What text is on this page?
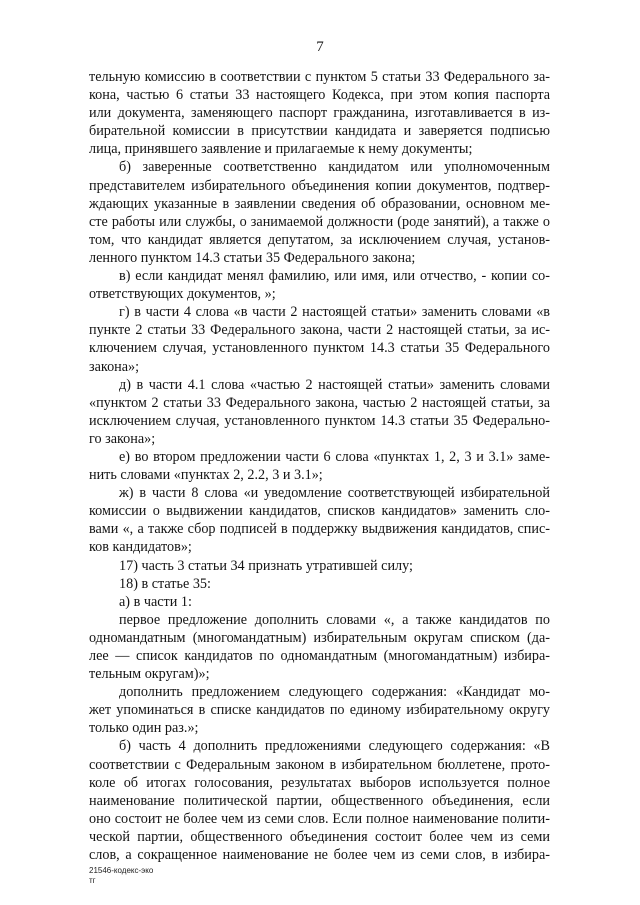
7
тельную комиссию в соответствии с пунктом 5 статьи 33 Федерального за-
кона, частью 6 статьи 33 настоящего Кодекса, при этом копия паспорта
или документа, заменяющего паспорт гражданина, изготавливается в из-
бирательной комиссии в присутствии кандидата и заверяется подписью
лица, принявшего заявление и прилагаемые к нему документы;
б) заверенные соответственно кандидатом или уполномоченным
представителем избирательного объединения копии документов, подтвер-
ждающих указанные в заявлении сведения об образовании, основном ме-
сте работы или службы, о занимаемой должности (роде занятий), а также о
том, что кандидат является депутатом, за исключением случая, установ-
ленного пунктом 14.3 статьи 35 Федерального закона;
в) если кандидат менял фамилию, или имя, или отчество, - копии со-
ответствующих документов, »;
г) в части 4 слова «в части 2 настоящей статьи» заменить словами «в
пункте 2 статьи 33 Федерального закона, части 2 настоящей статьи, за ис-
ключением случая, установленного пунктом 14.3 статьи 35 Федерального
закона»;
д) в части 4.1 слова «частью 2 настоящей статьи» заменить словами
«пунктом 2 статьи 33 Федерального закона, частью 2 настоящей статьи, за
исключением случая, установленного пунктом 14.3 статьи 35 Федерально-
го закона»;
е) во втором предложении части 6 слова «пунктах 1, 2, 3 и 3.1» заме-
нить словами «пунктах 2, 2.2, 3 и 3.1»;
ж) в части 8 слова «и уведомление соответствующей избирательной
комиссии о выдвижении кандидатов, списков кандидатов» заменить сло-
вами «, а также сбор подписей в поддержку выдвижения кандидатов, спис-
ков кандидатов»;
17) часть 3 статьи 34 признать утратившей силу;
18) в статье 35:
а) в части 1:
первое предложение дополнить словами «, а также кандидатов по
одномандатным (многомандатным) избирательным округам списком (да-
лее — список кандидатов по одномандатным (многомандатным) избира-
тельным округам)»;
дополнить предложением следующего содержания: «Кандидат мо-
жет упоминаться в списке кандидатов по единому избирательному округу
только один раз.»;
б) часть 4 дополнить предложениями следующего содержания: «В
соответствии с Федеральным законом в избирательном бюллетене, прото-
коле об итогах голосования, результатах выборов используется полное
наименование политической партии, общественного объединения, если
оно состоит не более чем из семи слов. Если полное наименование полити-
ческой партии, общественного объединения состоит более чем из семи
слов, а сокращенное наименование не более чем из семи слов, в избира-
21546-кодекс-эко
тг
